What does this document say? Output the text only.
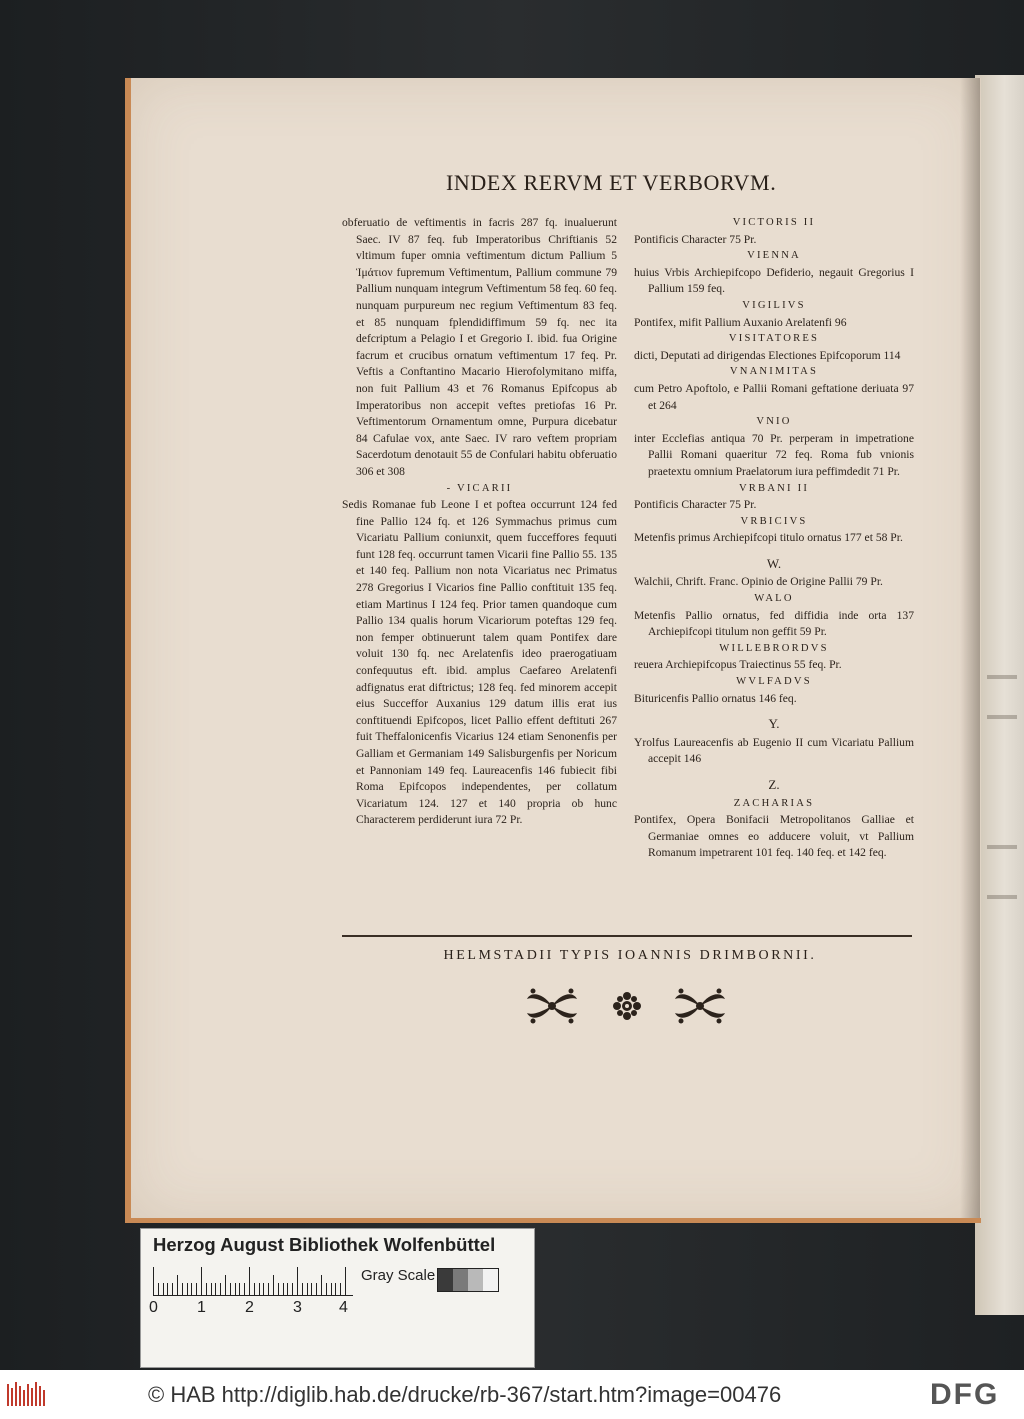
INDEX RERVM ET VERBORVM.

obferuatio de veftimentis in facris 287 fq. inualuerunt Saec. IV 87 feq. fub Imperatoribus Chriftianis 52 vltimum fuper omnia veftimentum dictum Pallium 5 Ἱμάτιον fupremum Veftimentum, Pallium commune 79 Pallium nunquam integrum Veftimentum 58 feq. 60 feq. nunquam purpureum nec regium Veftimentum 83 feq. et 85 nunquam fplendidiffimum 59 fq. nec ita defcriptum a Pelagio I et Gregorio I. ibid. fua Origine facrum et crucibus ornatum veftimentum 17 feq. Pr. Veftis a Conftantino Macario Hierofolymitano miffa, non fuit Pallium 43 et 76 Romanus Epifcopus ab Imperatoribus non accepit veftes pretiofas 16 Pr. Veftimentorum Ornamentum omne, Purpura dicebatur 84 Cafulae vox, ante Saec. IV raro veftem propriam Sacerdotum denotauit 55 de Confulari habitu obferuatio 306 et 308

- VICARII

Sedis Romanae fub Leone I et poftea occurrunt 124 fed fine Pallio 124 fq. et 126 Symmachus primus cum Vicariatu Pallium coniunxit, quem fucceffores fequuti funt 128 feq. occurrunt tamen Vicarii fine Pallio 55. 135 et 140 feq. Pallium non nota Vicariatus nec Primatus 278 Gregorius I Vicarios fine Pallio conftituit 135 feq. etiam Martinus I 124 feq. Prior tamen quandoque cum Pallio 134 qualis horum Vicariorum poteftas 129 feq. non femper obtinuerunt talem quam Pontifex dare voluit 130 fq. nec Arelatenfis ideo praerogatiuam confequutus eft. ibid. amplus Caefareo Arelatenfi adfignatus erat diftrictus; 128 feq. fed minorem accepit eius Succeffor Auxanius 129 datum illis erat ius conftituendi Epifcopos, licet Pallio effent deftituti 267 fuit Theffalonicenfis Vicarius 124 etiam Senonenfis per Galliam et Germaniam 149 Salisburgenfis per Noricum et Pannoniam 149 feq. Laureacenfis 146 fubiecit fibi Roma Epifcopos independentes, per collatum Vicariatum 124. 127 et 140 propria ob hunc Characterem perdiderunt iura 72 Pr.

VICTORIS II

Pontificis Character 75 Pr.

VIENNA

huius Vrbis Archiepifcopo Defiderio, negauit Gregorius I Pallium 159 feq.

VIGILIVS

Pontifex, mifit Pallium Auxanio Arelatenfi 96

VISITATORES

dicti, Deputati ad dirigendas Electiones Epifcoporum 114

VNANIMITAS

cum Petro Apoftolo, e Pallii Romani geftatione deriuata 97 et 264

VNIO

inter Ecclefias antiqua 70 Pr. perperam in impetratione Pallii Romani quaeritur 72 feq. Roma fub vnionis praetextu omnium Praelatorum iura peffimdedit 71 Pr.

VRBANI II

Pontificis Character 75 Pr.

VRBICIVS

Metenfis primus Archiepifcopi titulo ornatus 177 et 58 Pr.

W.

Walchii, Chrift. Franc. Opinio de Origine Pallii 79 Pr.

WALO

Metenfis Pallio ornatus, fed diffidia inde orta 137 Archiepifcopi titulum non geffit 59 Pr.

WILLEBRORDVS

reuera Archiepifcopus Traiectinus 55 feq. Pr.

WVLFADVS

Bituricenfis Pallio ornatus 146 feq.

Y.

Yrolfus Laureacenfis ab Eugenio II cum Vicariatu Pallium accepit 146

Z.

ZACHARIAS

Pontifex, Opera Bonifacii Metropolitanos Galliae et Germaniae omnes eo adducere voluit, vt Pallium Romanum impetrarent 101 feq. 140 feq. et 142 feq.

HELMSTADII TYPIS IOANNIS DRIMBORNII.
Herzog August Bibliothek Wolfenbüttel
0 1 2 3 4
Gray Scale
© HAB http://diglib.hab.de/drucke/rb-367/start.htm?image=00476	DFG
